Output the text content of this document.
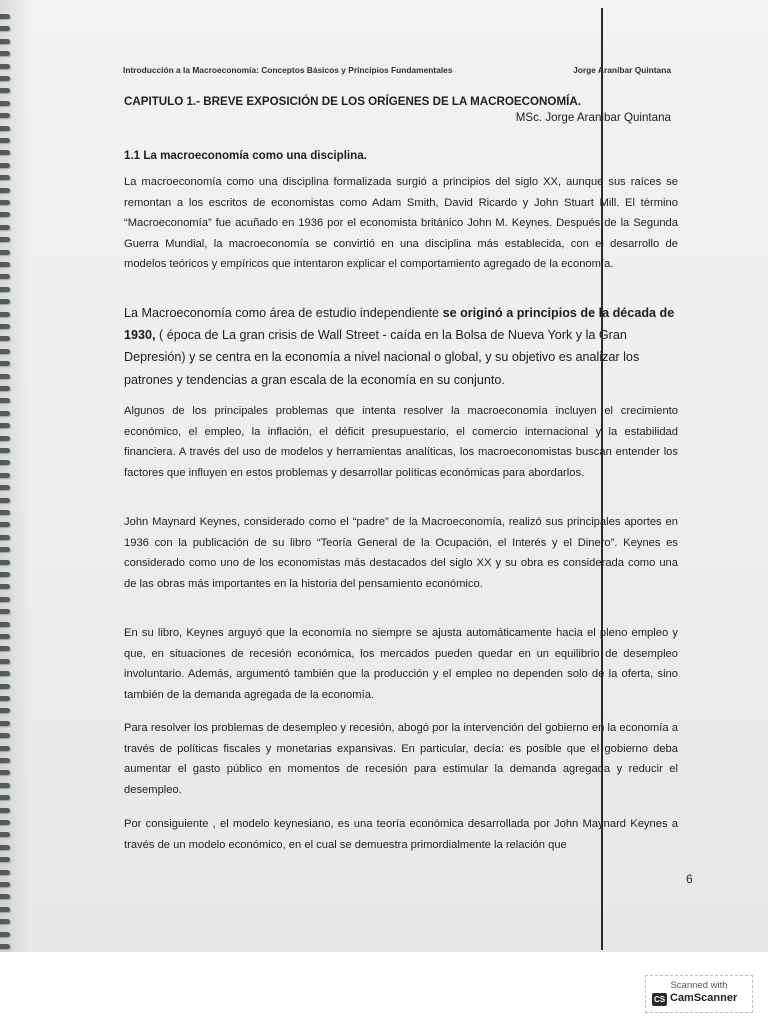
Introducción a la Macroeconomía: Conceptos Básicos y Principios Fundamentales	Jorge Araníbar Quintana
CAPITULO 1.- BREVE EXPOSICIÓN DE LOS ORÍGENES DE LA MACROECONOMÍA.
MSc. Jorge Aranibar Quintana
1.1 La macroeconomía como una disciplina.

La macroeconomía como una disciplina formalizada surgió a principios del siglo XX, aunque sus raíces se remontan a los escritos de economistas como Adam Smith, David Ricardo y John Stuart Mill. El término “Macroeconomía” fue acuñado en 1936 por el economista británico John M. Keynes. Después de la Segunda Guerra Mundial, la macroeconomía se convirtió en una disciplina más establecida, con el desarrollo de modelos teóricos y empíricos que intentaron explicar el comportamiento agregado de la economía.

La Macroeconomía como área de estudio independiente se originó a principios de la década de 1930, ( época de La gran crisis de Wall Street - caída en la Bolsa de Nueva York y la Gran Depresión) y se centra en la economía a nivel nacional o global, y su objetivo es analizar los patrones y tendencias a gran escala de la economía en su conjunto.

Algunos de los principales problemas que intenta resolver la macroeconomía incluyen el crecimiento económico, el empleo, la inflación, el déficit presupuestario, el comercio internacional y la estabilidad financiera. A través del uso de modelos y herramientas analíticas, los macroeconomistas buscan entender los factores que influyen en estos problemas y desarrollar políticas económicas para abordarlos.

John Maynard Keynes, considerado como el “padre” de la Macroeconomía, realizó sus principales aportes en 1936 con la publicación de su libro “Teoría General de la Ocupación, el Interés y el Dinero”. Keynes es considerado como uno de los economistas más destacados del siglo XX y su obra es considerada como una de las obras más importantes en la historia del pensamiento económico.

En su libro, Keynes arguyó que la economía no siempre se ajusta automáticamente hacia el pleno empleo y que, en situaciones de recesión económica, los mercados pueden quedar en un equilibrio de desempleo involuntario. Además, argumentó también que la producción y el empleo no dependen solo de la oferta, sino también de la demanda agregada de la economía.

Para resolver los problemas de desempleo y recesión, abogó por la intervención del gobierno en la economía a través de políticas fiscales y monetarias expansivas. En particular, decía: es posible que el gobierno deba aumentar el gasto público en momentos de recesión para estimular la demanda agregada y reducir el desempleo.

Por consiguiente , el modelo keynesiano, es una teoría económica desarrollada por John Maynard Keynes a través de un modelo económico, en el cual se demuestra primordialmente la relación que

6
Scanned with
CS CamScanner
